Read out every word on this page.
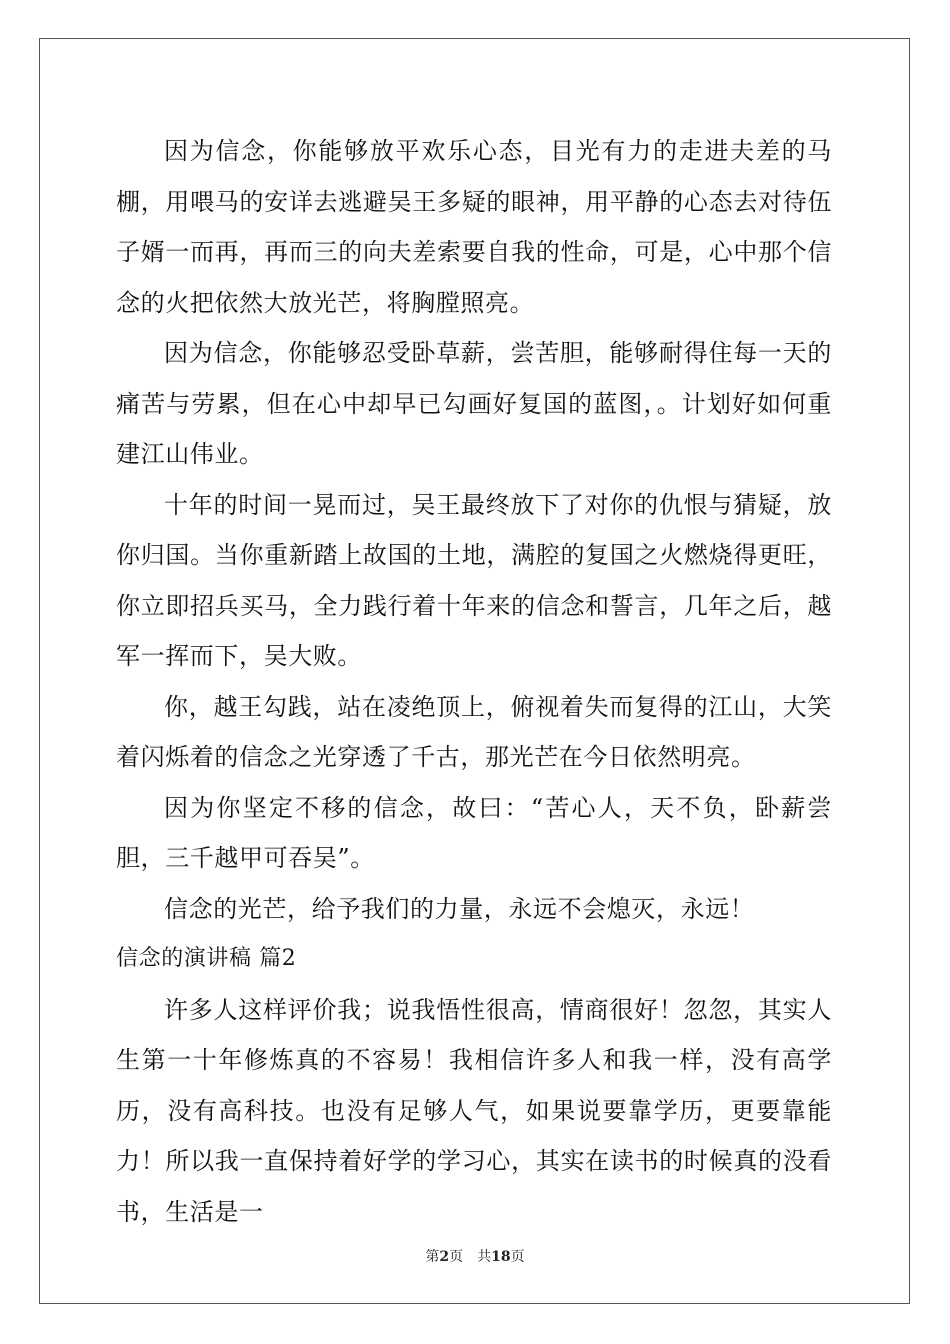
因为信念，你能够放平欢乐心态，目光有力的走进夫差的马棚，用喂马的安详去逃避吴王多疑的眼神，用平静的心态去对待伍子婿一而再，再而三的向夫差索要自我的性命，可是，心中那个信念的火把依然大放光芒，将胸膛照亮。

因为信念，你能够忍受卧草薪，尝苦胆，能够耐得住每一天的痛苦与劳累，但在心中却早已勾画好复国的蓝图，。计划好如何重建江山伟业。

十年的时间一晃而过，吴王最终放下了对你的仇恨与猜疑，放你归国。当你重新踏上故国的土地，满腔的复国之火燃烧得更旺，你立即招兵买马，全力践行着十年来的信念和誓言，几年之后，越军一挥而下，吴大败。

你，越王勾践，站在凌绝顶上，俯视着失而复得的江山，大笑着闪烁着的信念之光穿透了千古，那光芒在今日依然明亮。

因为你坚定不移的信念，故曰：“苦心人，天不负，卧薪尝胆，三千越甲可吞吴”。

信念的光芒，给予我们的力量，永远不会熄灭，永远！

信念的演讲稿 篇2

许多人这样评价我；说我悟性很高，情商很好！忽忽，其实人生第一十年修炼真的不容易！我相信许多人和我一样，没有高学历，没有高科技。也没有足够人气，如果说要靠学历，更要靠能力！所以我一直保持着好学的学习心，其实在读书的时候真的没看书，生活是一

第2页　共18页
